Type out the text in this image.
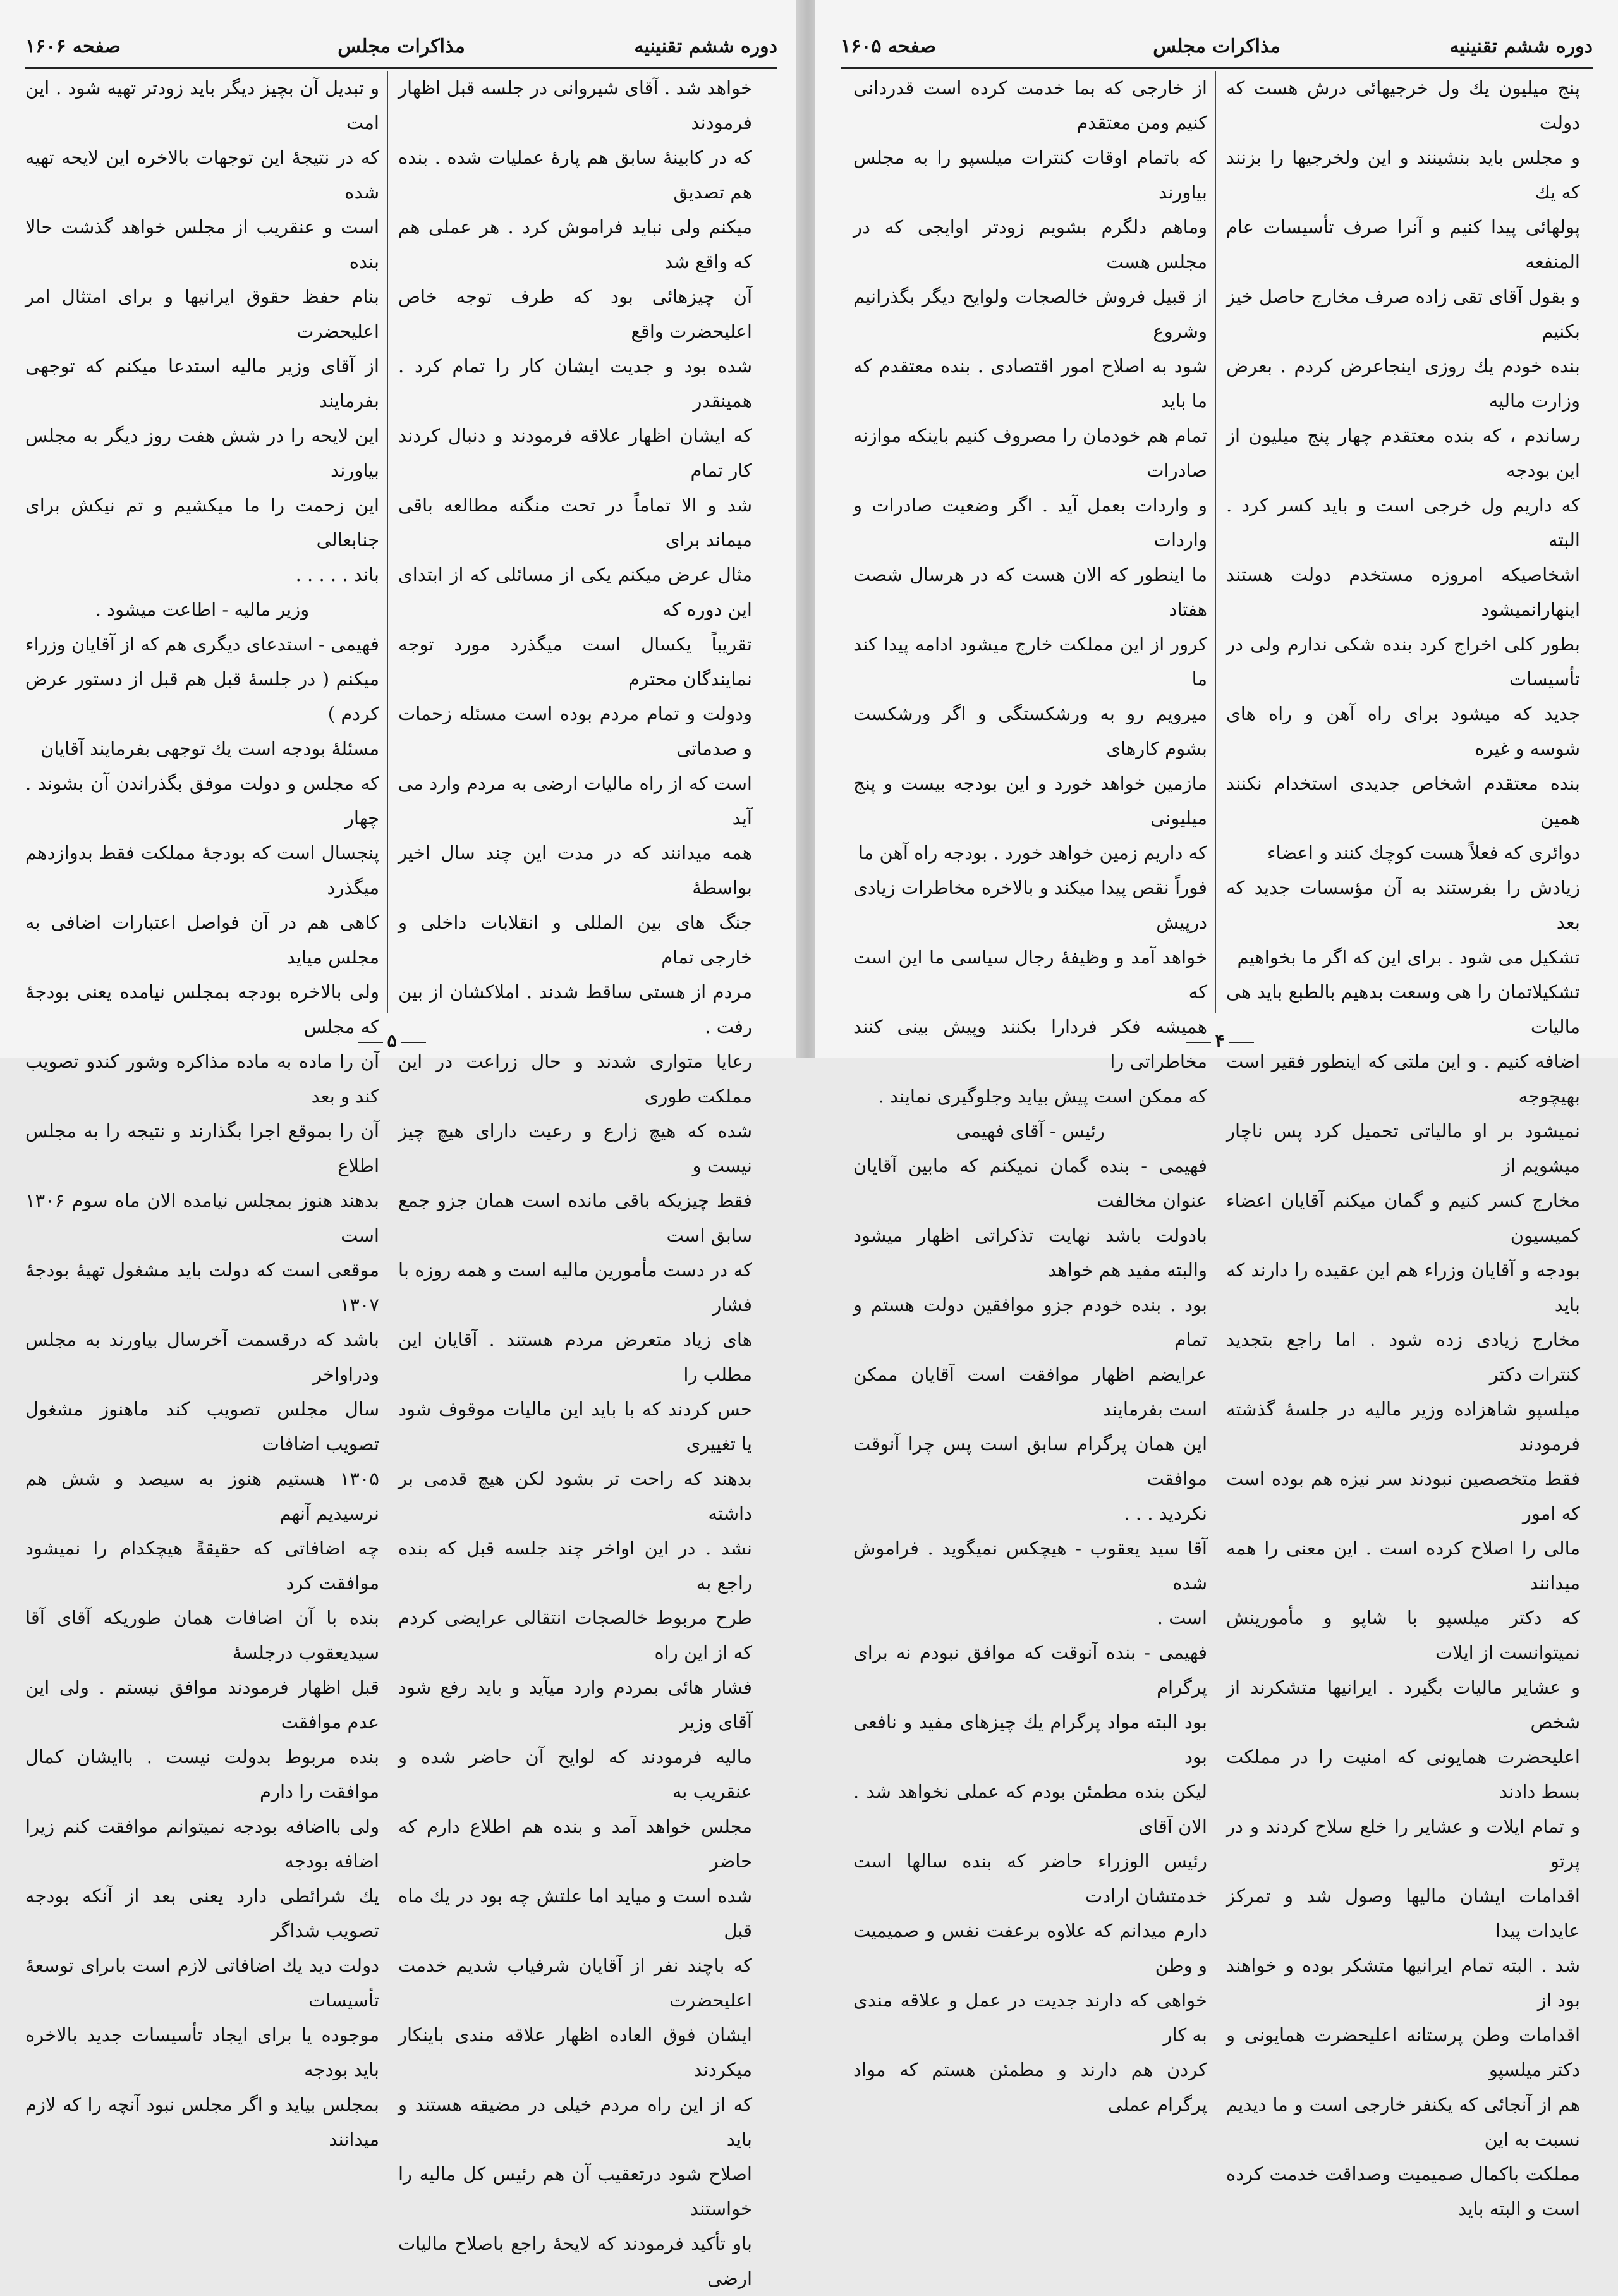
دوره ششم تقنينيه
مذاكرات مجلس
صفحه ۱۶۰۶

خواهد شد . آقاى شيروانى در جلسه قبل اظهار فرمودند

كه در كابينهٔ سابق هم پارهٔ عمليات شده . بنده هم تصديق

ميكنم ولى نبايد فراموش كرد . هر عملى هم كه واقع شد

آن چيزهائى بود كه طرف توجه خاص اعليحضرت واقع

شده بود و جديت ايشان كار را تمام كرد . همينقدر

كه ايشان اظهار علاقه فرمودند و دنبال كردند كار تمام

شد و الا تماماً در تحت منگنه مطالعه باقى ميماند براى

مثال عرض ميكنم يكى از مسائلى كه از ابتداى اين دوره كه

تقريباً يكسال است ميگذرد مورد توجه نمايندگان محترم

ودولت و تمام مردم بوده است مسئله زحمات و صدماتى

است كه از راه ماليات ارضى به مردم وارد مى آيد

همه ميدانند كه در مدت اين چند سال اخير بواسطهٔ

جنگ هاى بين المللى و انقلابات داخلى و خارجى تمام

مردم از هستى ساقط شدند . املاكشان از بين رفت .

رعايا متوارى شدند و حال زراعت در اين مملكت طورى

شده كه هيچ زارع و رعيت داراى هيچ چيز نيست و

فقط چيزيكه باقى مانده است همان جزو جمع سابق است

كه در دست مأمورين ماليه است و همه روزه با فشار

هاى زياد متعرض مردم هستند . آقايان اين مطلب را

حس كردند كه با بايد اين ماليات موقوف شود يا تغييرى

بدهند كه راحت تر بشود لكن هيچ قدمى بر داشته

نشد . در اين اواخر چند جلسه قبل كه بنده راجع به

طرح مربوط خالصجات انتقالى عرايضى كردم كه از اين راه

فشار هائى بمردم وارد ميآيد و بايد رفع شود آقاى وزير

ماليه فرمودند كه لوايح آن حاضر شده و عنقريب به

مجلس خواهد آمد و بنده هم اطلاع دارم كه حاضر

شده است و ميايد اما علتش چه بود در يك ماه قبل

كه باچند نفر از آقايان شرفياب شديم خدمت اعليحضرت

ايشان فوق العاده اظهار علاقه مندى باينكار ميكردند

كه از اين راه مردم خيلى در مضيقه هستند و بايد

اصلاح شود درتعقيب آن هم رئيس كل ماليه را خواستند

باو تأكيد فرمودند كه لايحهٔ راجع باصلاح ماليات ارضى

و تبديل آن بچيز ديگر بايد زودتر تهيه شود . اين امت

كه در نتيجهٔ اين توجهات بالاخره اين لايحه تهيه شده

است و عنقريب از مجلس خواهد گذشت حالا بنده

بنام حفظ حقوق ايرانيها و براى امتثال امر اعليحضرت

از آقاى وزير ماليه استدعا ميكنم كه توجهى بفرمايند

اين لايحه را در شش هفت روز ديگر به مجلس بياورند

اين زحمت را ما ميكشيم و تم نيكش براى جنابعالى

باند . . . . .

وزير ماليه - اطاعت ميشود .

فهيمى - استدعاى ديگرى هم كه از آقايان وزراء

ميكنم ( در جلسهٔ قبل هم قبل از دستور عرض كردم )

مسئلهٔ بودجه است يك توجهى بفرمايند آقايان

كه مجلس و دولت موفق بگذراندن آن بشوند . چهار

پنجسال است كه بودجهٔ مملكت فقط بدوازدهم ميگذرد

كاهى هم در آن فواصل اعتبارات اضافى به مجلس ميايد

ولى بالاخره بودجه بمجلس نيامده يعنى بودجهٔ كه مجلس

آن را ماده به ماده مذاكره وشور كندو تصويب كند و بعد

آن را بموقع اجرا بگذارند و نتيجه را به مجلس اطلاع

بدهند هنوز بمجلس نيامده الان ماه سوم ۱۳۰۶ است

موقعى است كه دولت بايد مشغول تهيهٔ بودجهٔ ۱۳۰۷

باشد كه درقسمت آخرسال بياورند به مجلس ودراواخر

سال مجلس تصويب كند ماهنوز مشغول تصويب اضافات

۱۳۰۵ هستيم هنوز به سيصد و شش هم نرسيديم آنهم

چه اضافاتى كه حقيقةً هيچكدام را نميشود موافقت كرد

بنده با آن اضافات همان طوريكه آقاى آقا سيديعقوب درجلسهٔ

قبل اظهار فرمودند موافق نيستم . ولى اين عدم موافقت

بنده مربوط بدولت نيست . باايشان كمال موافقت را دارم

ولى بااضافه بودجه نميتوانم موافقت كنم زيرا اضافه بودجه

يك شرائطى دارد يعنى بعد از آنكه بودجه تصويب شداگر

دولت ديد يك اضافاتى لازم است باىراى توسعهٔ تأسيسات

موجوده يا براى ايجاد تأسيسات جديد بالاخره بايد بودجه

بمجلس بيايد و اگر مجلس نبود آنچه را كه لازم ميدانند

۵
دوره ششم تقنينيه
مذاكرات مجلس
صفحه ۱۶۰۵

پنج ميليون يك ول خرجيهائى درش هست كه دولت

و مجلس بايد بنشينند و اين ولخرجيها را بزنند كه يك

پولهائى پيدا كنيم و آنرا صرف تأسيسات عام المنفعه

و بقول آقاى تقى زاده صرف مخارج حاصل خيز بكنيم

بنده خودم يك روزى اينجاعرض كردم . بعرض وزارت ماليه

رساندم ، كه بنده معتقدم چهار پنج ميليون از اين بودجه

كه داريم ول خرجى است و بايد كسر كرد . البته

اشخاصيكه امروزه مستخدم دولت هستند اينهارانميشود

بطور كلى اخراج كرد بنده شكى ندارم ولى در تأسيسات

جديد كه ميشود براى راه آهن و راه هاى شوسه و غيره

بنده معتقدم اشخاص جديدى استخدام نكنند همين

دوائرى كه فعلاً هست كوچك كنند و اعضاء

زيادش را بفرستند به آن مؤسسات جديد كه بعد

تشكيل مى شود . براى اين كه اگر ما بخواهيم

تشكيلاتمان را هى وسعت بدهيم بالطبع بايد هى ماليات

اضافه كنيم . و اين ملتى كه اينطور فقير است بهيچوجه

نميشود بر او مالياتى تحميل كرد پس ناچار ميشويم از

مخارج كسر كنيم و گمان ميكنم آقايان اعضاء كميسيون

بودجه و آقايان وزراء هم اين عقيده را دارند كه بايد

مخارج زيادى زده شود . اما راجع بتجديد كنترات دكتر

ميلسپو شاهزاده وزير ماليه در جلسهٔ گذشته فرمودند

فقط متخصصين نبودند سر نيزه هم بوده است كه امور

مالى را اصلاح كرده است . اين معنى را همه ميدانند

كه دكتر ميلسپو با شاپو و مأمورينش نميتوانست از ايلات

و عشاير ماليات بگيرد . ايرانيها متشكرند از شخص

اعليحضرت همايونى كه امنيت را در مملكت بسط دادند

و تمام ايلات و عشاير را خلع سلاح كردند و در پرتو

اقدامات ايشان ماليها وصول شد و تمركز عايدات پيدا

شد . البته تمام ايرانيها متشكر بوده و خواهند بود از

اقدامات وطن پرستانه اعليحضرت همايونى و دكتر ميلسپو

هم از آنجائى كه يكنفر خارجى است و ما ديديم نسبت به اين

مملكت باكمال صميميت وصداقت خدمت كرده است و البته بايد

از خارجى كه بما خدمت كرده است قدردانى كنيم ومن معتقدم

كه باتمام اوقات كنترات ميلسپو را به مجلس بياورند

وماهم دلگرم بشويم زودتر اوايجى كه در مجلس هست

از قبيل فروش خالصجات ولوايح ديگر بگذرانيم وشروع

شود به اصلاح امور اقتصادى . بنده معتقدم كه ما بايد

تمام هم خودمان را مصروف كنيم باينكه موازنه صادرات

و واردات بعمل آيد . اگر وضعيت صادرات و واردات

ما اينطور كه الان هست كه در هرسال شصت هفتاد

كرور از اين مملكت خارج ميشود ادامه پيدا كند ما

ميرويم رو به ورشكستگى و اگر ورشكست بشوم كارهاى

مازمين خواهد خورد و اين بودجه بيست و پنج ميليونى

كه داريم زمين خواهد خورد . بودجه راه آهن ما

فوراً نقص پيدا ميكند و بالاخره مخاطرات زيادى درپيش

خواهد آمد و وظيفهٔ رجال سياسى ما اين است كه

هميشه فكر فردارا بكنند وپيش بينى كنند مخاطراتى را

كه ممكن است پيش بيايد وجلوگيرى نمايند .

رئيس - آقاى فهيمى

فهيمى - بنده گمان نميكنم كه مابين آقايان عنوان مخالفت

بادولت باشد نهايت تذكراتى اظهار ميشود والبته مفيد هم خواهد

بود . بنده خودم جزو موافقين دولت هستم و تمام

عرايضم اظهار موافقت است آقايان ممكن است بفرمايند

اين همان پرگرام سابق است پس چرا آنوقت موافقت

نكرديد . . .

آقا سيد يعقوب - هيچكس نميگويد . فراموش شده

است .

فهيمى - بنده آنوقت كه موافق نبودم نه براى پرگرام

بود البته مواد پرگرام يك چيزهاى مفيد و نافعى بود

ليكن بنده مطمئن بودم كه عملى نخواهد شد . الان آقاى

رئيس الوزراء حاضر كه بنده سالها است خدمتشان ارادت

دارم ميدانم كه علاوه برعفت نفس و صميميت و وطن

خواهى كه دارند جديت در عمل و علاقه مندى به كار

كردن هم دارند و مطمئن هستم كه مواد پرگرام عملى

۴
